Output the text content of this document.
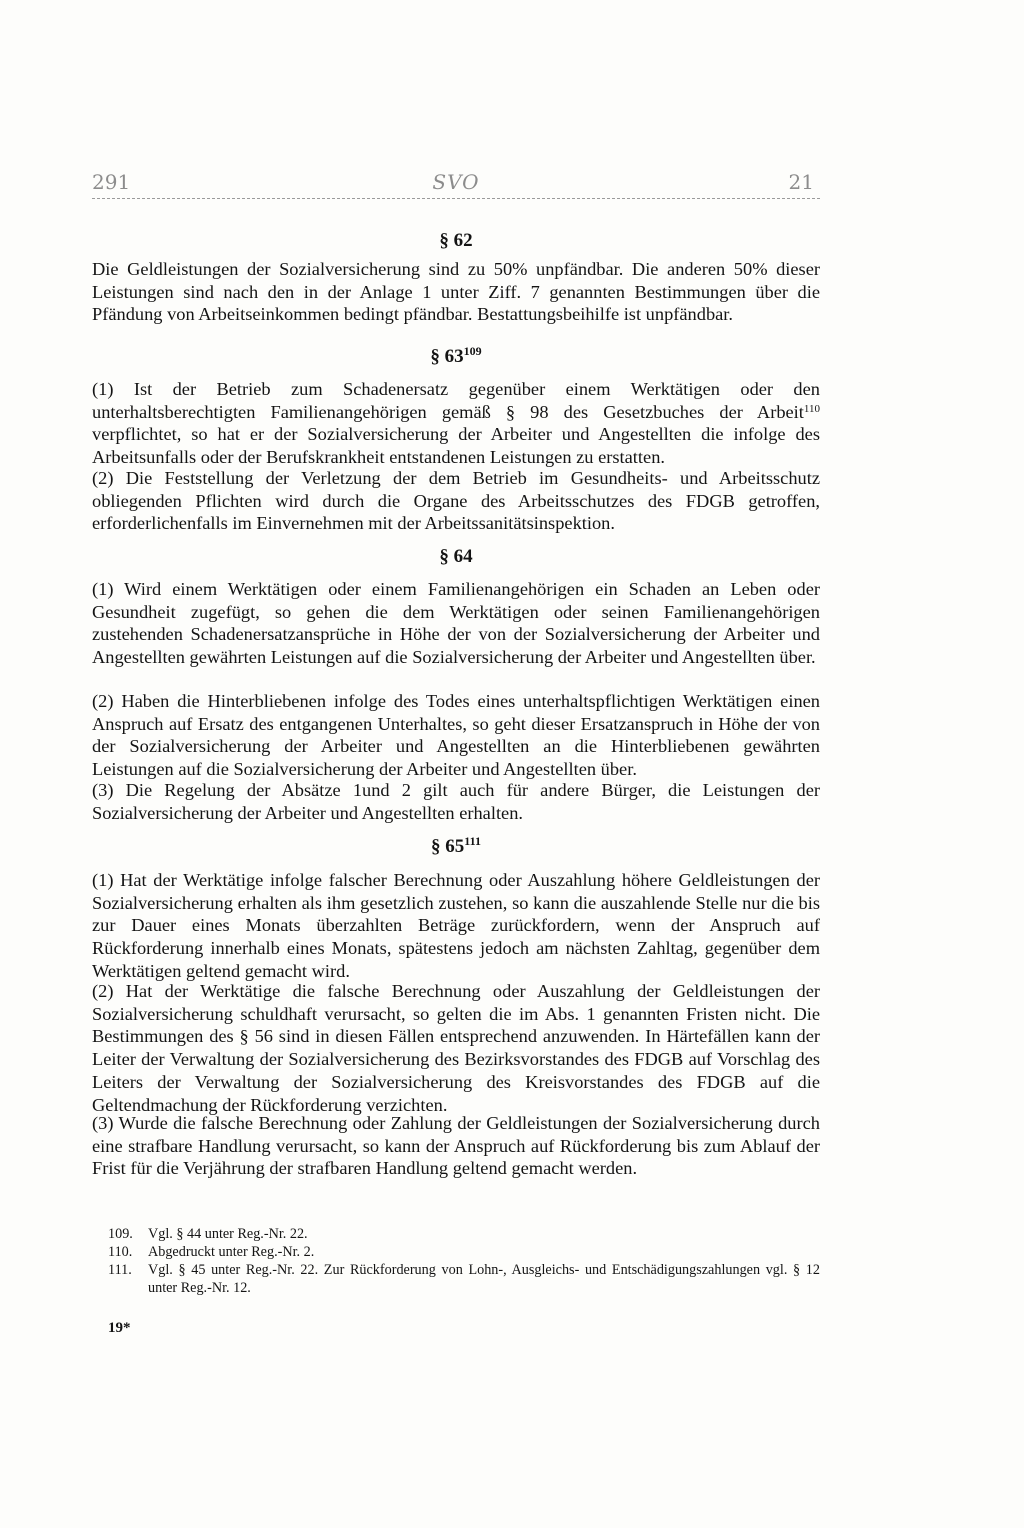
291	SVO	21
§ 62

Die Geldleistungen der Sozialversicherung sind zu 50% unpfändbar. Die anderen 50% dieser Leistungen sind nach den in der Anlage 1 unter Ziff. 7 genannten Bestimmungen über die Pfändung von Arbeitseinkommen bedingt pfändbar. Bestattungsbeihilfe ist unpfändbar.

§ $63^{109}$

(1) Ist der Betrieb zum Schadenersatz gegenüber einem Werktätigen oder den unterhaltsberechtigten Familienangehörigen gemäß § 98 des Gesetzbuches der Arbeit$^{110}$ verpflichtet, so hat er der Sozialversicherung der Arbeiter und Angestellten die infolge des Arbeitsunfalls oder der Berufskrankheit entstandenen Leistungen zu erstatten.

(2) Die Feststellung der Verletzung der dem Betrieb im Gesundheits- und Arbeitsschutz obliegenden Pflichten wird durch die Organe des Arbeitsschutzes des FDGB getroffen, erforderlichenfalls im Einvernehmen mit der Arbeitssanitätsinspektion.

§ 64

(1) Wird einem Werktätigen oder einem Familienangehörigen ein Schaden an Leben oder Gesundheit zugefügt, so gehen die dem Werktätigen oder seinen Familienangehörigen zustehenden Schadenersatzansprüche in Höhe der von der Sozialversicherung der Arbeiter und Angestellten gewährten Leistungen auf die Sozialversicherung der Arbeiter und Angestellten über.

(2) Haben die Hinterbliebenen infolge des Todes eines unterhaltspflichtigen Werktätigen einen Anspruch auf Ersatz des entgangenen Unterhaltes, so geht dieser Ersatzanspruch in Höhe der von der Sozialversicherung der Arbeiter und Angestellten an die Hinterbliebenen gewährten Leistungen auf die Sozialversicherung der Arbeiter und Angestellten über.

(3) Die Regelung der Absätze 1und 2 gilt auch für andere Bürger, die Leistungen der Sozialversicherung der Arbeiter und Angestellten erhalten.

§ $65^{111}$

(1) Hat der Werktätige infolge falscher Berechnung oder Auszahlung höhere Geldleistungen der Sozialversicherung erhalten als ihm gesetzlich zustehen, so kann die auszahlende Stelle nur die bis zur Dauer eines Monats überzahlten Beträge zurückfordern, wenn der Anspruch auf Rückforderung innerhalb eines Monats, spätestens jedoch am nächsten Zahltag, gegenüber dem Werktätigen geltend gemacht wird.

(2) Hat der Werktätige die falsche Berechnung oder Auszahlung der Geldleistungen der Sozialversicherung schuldhaft verursacht, so gelten die im Abs. 1 genannten Fristen nicht. Die Bestimmungen des § 56 sind in diesen Fällen entsprechend anzuwenden. In Härtefällen kann der Leiter der Verwaltung der Sozialversicherung des Bezirksvorstandes des FDGB auf Vorschlag des Leiters der Verwaltung der Sozialversicherung des Kreisvorstandes des FDGB auf die Geltendmachung der Rückforderung verzichten.

(3) Wurde die falsche Berechnung oder Zahlung der Geldleistungen der Sozialversicherung durch eine strafbare Handlung verursacht, so kann der Anspruch auf Rückforderung bis zum Ablauf der Frist für die Verjährung der strafbaren Handlung geltend gemacht werden.

109. Vgl. § 44 unter Reg.-Nr. 22.
110. Abgedruckt unter Reg.-Nr. 2.
111. Vgl. § 45 unter Reg.-Nr. 22. Zur Rückforderung von Lohn-, Ausgleichs- und Entschädigungszahlungen vgl. § 12 unter Reg.-Nr. 12.
19*
